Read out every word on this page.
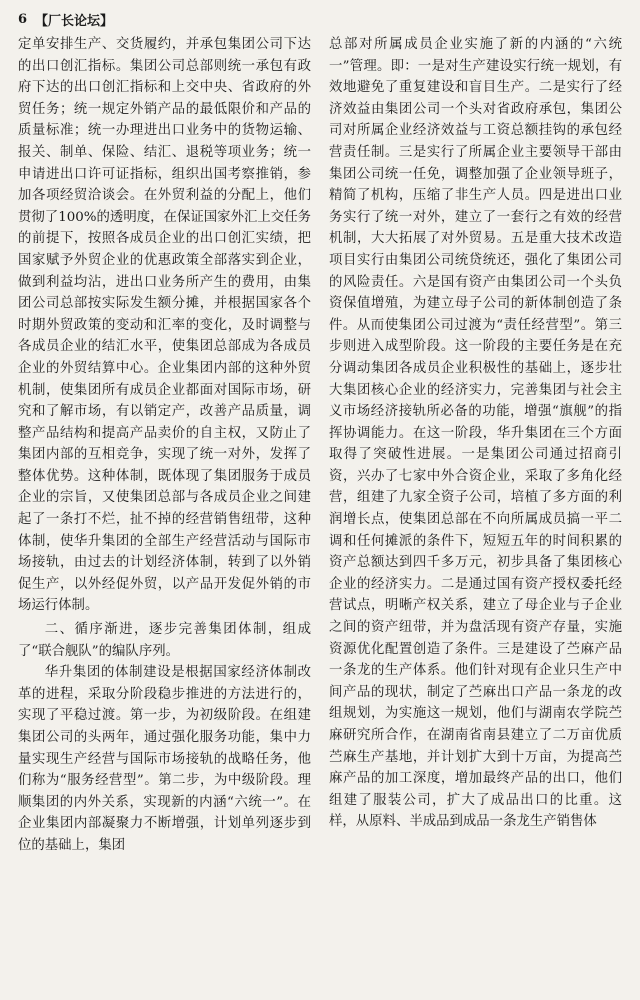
6 【厂长论坛】

定单安排生产、交货履约，并承包集团公司下达的出口创汇指标。集团公司总部则统一承包有政府下达的出口创汇指标和上交中央、省政府的外贸任务；统一规定外销产品的最低限价和产品的质量标准；统一办理进出口业务中的货物运输、报关、制单、保险、结汇、退税等项业务；统一申请进出口许可证指标，组织出国考察推销，参加各项经贸洽谈会。在外贸利益的分配上，他们贯彻了100%的透明度，在保证国家外汇上交任务的前提下，按照各成员企业的出口创汇实绩，把国家赋予外贸企业的优惠政策全部落实到企业，做到利益均沾，进出口业务所产生的费用，由集团公司总部按实际发生额分摊，并根据国家各个时期外贸政策的变动和汇率的变化，及时调整与各成员企业的结汇水平，使集团总部成为各成员企业的外贸结算中心。企业集团内部的这种外贸机制，使集团所有成员企业都面对国际市场，研究和了解市场，有以销定产，改善产品质量，调整产品结构和提高产品卖价的自主权，又防止了集团内部的互相竞争，实现了统一对外，发挥了整体优势。这种体制，既体现了集团服务于成员企业的宗旨，又使集团总部与各成员企业之间建起了一条打不烂，扯不掉的经营销售纽带，这种体制，使华升集团的全部生产经营活动与国际市场接轨，由过去的计划经济体制，转到了以外销促生产，以外经促外贸，以产品开发促外销的市场运行体制。

二、循序渐进，逐步完善集团体制，组成了“联合舰队”的编队序列。

华升集团的体制建设是根据国家经济体制改革的进程，采取分阶段稳步推进的方法进行的，实现了平稳过渡。第一步，为初级阶段。在组建集团公司的头两年，通过强化服务功能，集中力量实现生产经营与国际市场接轨的战略任务，他们称为“服务经营型”。第二步，为中级阶段。理顺集团的内外关系，实现新的内涵“六统一”。在企业集团内部凝聚力不断增强，计划单列逐步到位的基础上，集团

总部对所属成员企业实施了新的内涵的“六统一”管理。即：一是对生产建设实行统一规划，有效地避免了重复建设和盲目生产。二是实行了经济效益由集团公司一个头对省政府承包，集团公司对所属企业经济效益与工资总额挂钩的承包经营责任制。三是实行了所属企业主要领导干部由集团公司统一任免，调整加强了企业领导班子，精简了机构，压缩了非生产人员。四是进出口业务实行了统一对外，建立了一套行之有效的经营机制，大大拓展了对外贸易。五是重大技术改造项目实行由集团公司统贷统还，强化了集团公司的风险责任。六是国有资产由集团公司一个头负资保值增殖，为建立母子公司的新体制创造了条件。从而使集团公司过渡为“责任经营型”。第三步则进入成型阶段。这一阶段的主要任务是在充分调动集团各成员企业积极性的基础上，逐步壮大集团核心企业的经济实力，完善集团与社会主义市场经济接轨所必备的功能，增强“旗舰”的指挥协调能力。在这一阶段，华升集团在三个方面取得了突破性进展。一是集团公司通过招商引资，兴办了七家中外合资企业，采取了多角化经营，组建了九家全资子公司，培植了多方面的利润增长点，使集团总部在不向所属成员搞一平二调和任何摊派的条件下，短短五年的时间积累的资产总额达到四千多万元，初步具备了集团核心企业的经济实力。二是通过国有资产授权委托经营试点，明晰产权关系，建立了母企业与子企业之间的资产纽带，并为盘活现有资产存量，实施资源优化配置创造了条件。三是建设了苎麻产品一条龙的生产体系。他们针对现有企业只生产中间产品的现状，制定了苎麻出口产品一条龙的改组规划，为实施这一规划，他们与湖南农学院苎麻研究所合作，在湖南省南县建立了二万亩优质苎麻生产基地，并计划扩大到十万亩，为提高苎麻产品的加工深度，增加最终产品的出口，他们组建了服装公司，扩大了成品出口的比重。这样，从原料、半成品到成品一条龙生产销售体
